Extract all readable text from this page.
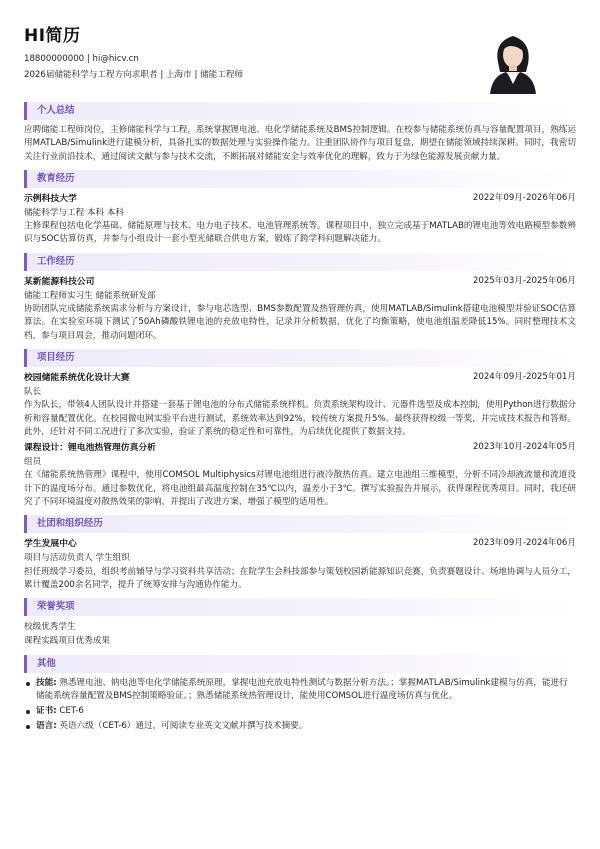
HI简历
18800000000 | hi@hicv.cn
2026届储能科学与工程方向求职者 | 上海市 | 储能工程师
个人总结
应聘储能工程师岗位，主修储能科学与工程，系统掌握锂电池、电化学储能系统及BMS控制逻辑。在校参与储能系统仿真与容量配置项目，熟练运用MATLAB/Simulink进行建模分析，具备扎实的数据处理与实验操作能力。注重团队协作与项目复盘，期望在储能领域持续深耕。同时，我密切关注行业前沿技术，通过阅读文献与参与技术交流，不断拓展对储能安全与效率优化的理解，致力于为绿色能源发展贡献力量。
教育经历
示例科技大学	2022年09月-2026年06月
储能科学与工程 本科 本科
主修课程包括电化学基础、储能原理与技术、电力电子技术、电池管理系统等。课程项目中，独立完成基于MATLAB的锂电池等效电路模型参数辨识与SOC估算仿真，并参与小组设计一套小型光储联合供电方案，锻炼了跨学科问题解决能力。
工作经历
某新能源科技公司	2025年03月-2025年06月
储能工程师实习生 储能系统研发部
协助团队完成储能系统需求分析与方案设计，参与电芯选型、BMS参数配置及热管理仿真，使用MATLAB/Simulink搭建电池模型并验证SOC估算算法。在实验室环境下测试了50Ah磷酸铁锂电池的充放电特性，记录并分析数据，优化了均衡策略，使电池组温差降低15%。同时整理技术文档，参与项目周会，推动问题闭环。
项目经历
校园储能系统优化设计大赛	2024年09月-2025年01月
队长
作为队长，带领4人团队设计并搭建一套基于锂电池的分布式储能系统样机。负责系统架构设计、元器件选型及成本控制，使用Python进行数据分析和容量配置优化。在校园微电网实验平台进行测试，系统效率达到92%，较传统方案提升5%。最终获得校级一等奖，并完成技术报告和答辩。此外，还针对不同工况进行了多次实验，验证了系统的稳定性和可靠性，为后续优化提供了数据支持。
课程设计：锂电池热管理仿真分析	2023年10月-2024年05月
组员
在《储能系统热管理》课程中，使用COMSOL Multiphysics对锂电池组进行液冷散热仿真。建立电池组三维模型，分析不同冷却液流量和流道设计下的温度场分布。通过参数优化，将电池组最高温度控制在35℃以内，温差小于3℃。撰写实验报告并展示，获得课程优秀项目。同时，我还研究了不同环境温度对散热效果的影响，并提出了改进方案，增强了模型的适用性。
社团和组织经历
学生发展中心	2023年09月-2024年06月
项目与活动负责人 学生组织
担任班级学习委员，组织考前辅导与学习资料共享活动；在院学生会科技部参与策划校园新能源知识竞赛，负责赛题设计、场地协调与人员分工，累计覆盖200余名同学，提升了统筹安排与沟通协作能力。
荣誉奖项
校级优秀学生
课程实践项目优秀成果
其他
技能: 熟悉锂电池、钠电池等电化学储能系统原理，掌握电池充放电特性测试与数据分析方法。；掌握MATLAB/Simulink建模与仿真，能进行储能系统容量配置及BMS控制策略验证。；熟悉储能系统热管理设计，能使用COMSOL进行温度场仿真与优化。
证书: CET-6
语言: 英语六级（CET-6）通过，可阅读专业英文文献并撰写技术摘要。
